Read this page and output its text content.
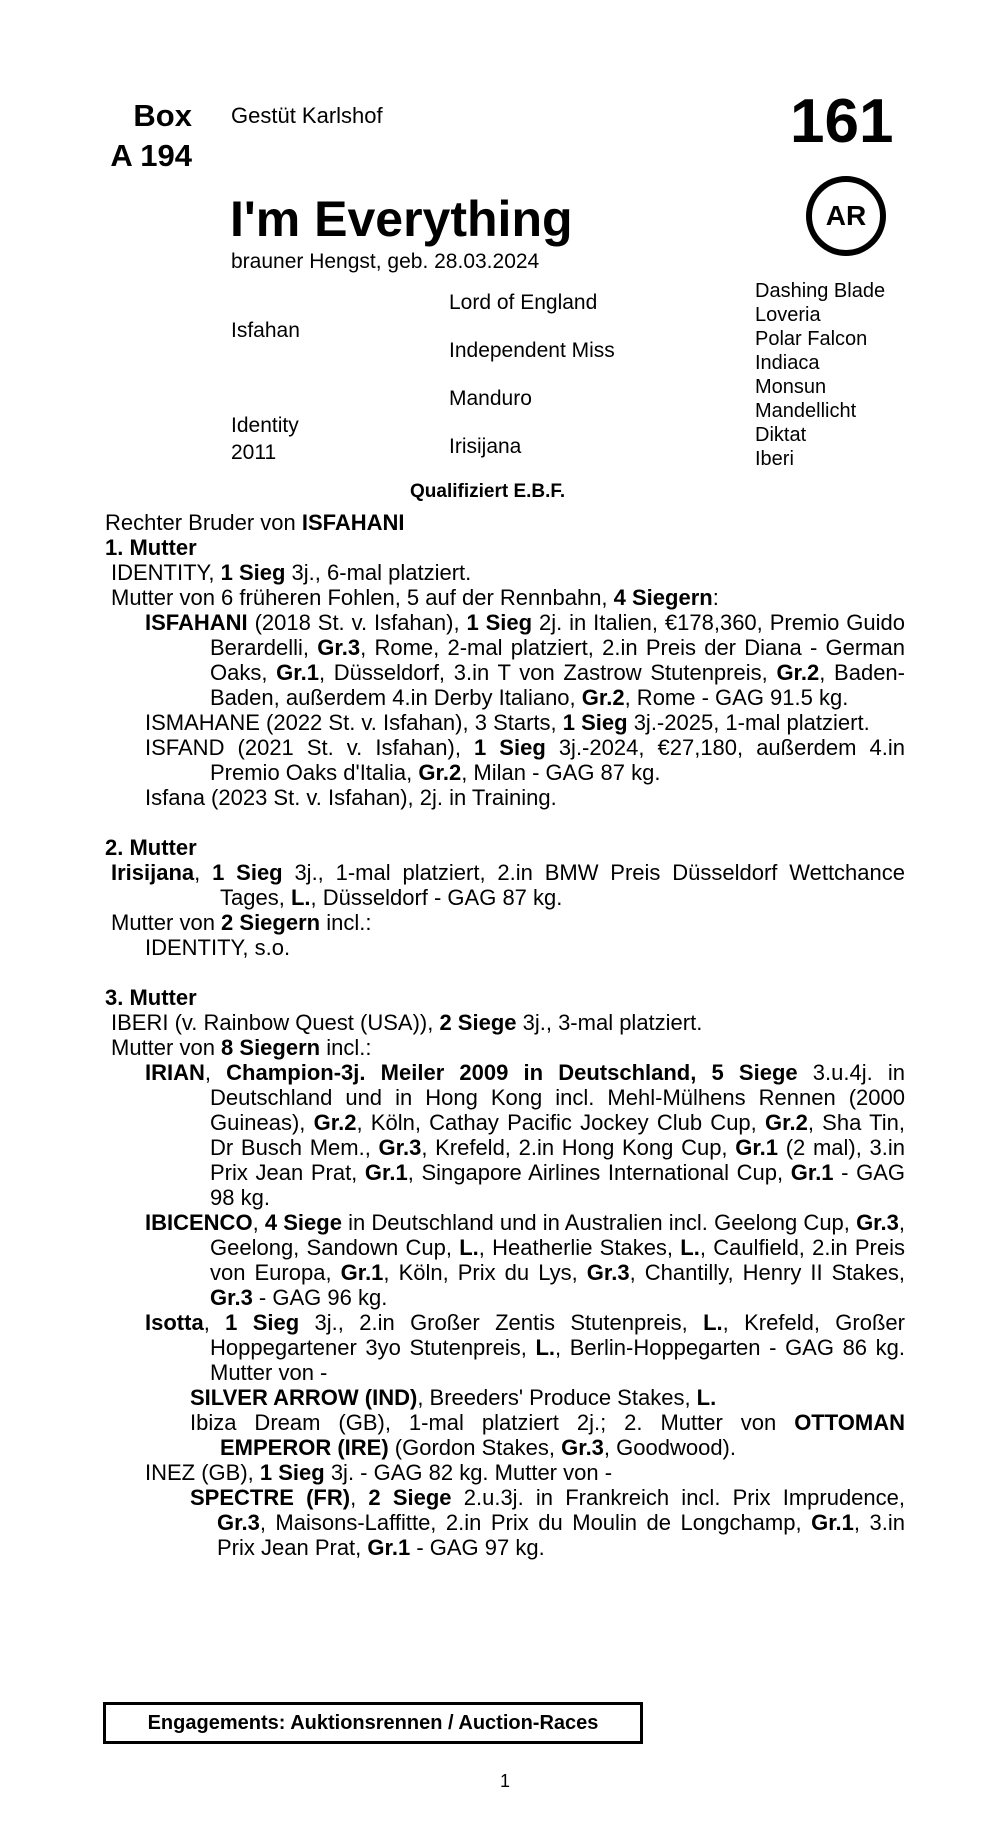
Box
A 194
Gestüt Karlshof	161
AR
I'm Everything
brauner Hengst, geb. 28.03.2024
Isfahan
Identity
2011
Lord of England
Independent Miss
Manduro
Irisijana
Dashing Blade
Loveria
Polar Falcon
Indiaca
Monsun
Mandellicht
Diktat
Iberi
Qualifiziert E.B.F.

Rechter Bruder von ISFAHANI

1. Mutter

IDENTITY, 1 Sieg 3j., 6-mal platziert.

Mutter von 6 früheren Fohlen, 5 auf der Rennbahn, 4 Siegern:

ISFAHANI (2018 St. v. Isfahan), 1 Sieg 2j. in Italien, €178,360, Premio Guido Berardelli, Gr.3, Rome, 2-mal platziert, 2.in Preis der Diana - German Oaks, Gr.1, Düsseldorf, 3.in T von Zastrow Stutenpreis, Gr.2, Baden-Baden, außerdem 4.in Derby Italiano, Gr.2, Rome - GAG 91.5 kg.

ISMAHANE (2022 St. v. Isfahan), 3 Starts, 1 Sieg 3j.-2025, 1-mal platziert.

ISFAND (2021 St. v. Isfahan), 1 Sieg 3j.-2024, €27,180, außerdem 4.in Premio Oaks d'Italia, Gr.2, Milan - GAG 87 kg.

Isfana (2023 St. v. Isfahan), 2j. in Training.

2. Mutter

Irisijana, 1 Sieg 3j., 1-mal platziert, 2.in BMW Preis Düsseldorf Wettchance Tages, L., Düsseldorf - GAG 87 kg.

Mutter von 2 Siegern incl.:

IDENTITY, s.o.

3. Mutter

IBERI (v. Rainbow Quest (USA)), 2 Siege 3j., 3-mal platziert.

Mutter von 8 Siegern incl.:

IRIAN, Champion-3j. Meiler 2009 in Deutschland, 5 Siege 3.u.4j. in Deutschland und in Hong Kong incl. Mehl-Mülhens Rennen (2000 Guineas), Gr.2, Köln, Cathay Pacific Jockey Club Cup, Gr.2, Sha Tin, Dr Busch Mem., Gr.3, Krefeld, 2.in Hong Kong Cup, Gr.1 (2 mal), 3.in Prix Jean Prat, Gr.1, Singapore Airlines International Cup, Gr.1 - GAG 98 kg.

IBICENCO, 4 Siege in Deutschland und in Australien incl. Geelong Cup, Gr.3, Geelong, Sandown Cup, L., Heatherlie Stakes, L., Caulfield, 2.in Preis von Europa, Gr.1, Köln, Prix du Lys, Gr.3, Chantilly, Henry II Stakes, Gr.3 - GAG 96 kg.

Isotta, 1 Sieg 3j., 2.in Großer Zentis Stutenpreis, L., Krefeld, Großer Hoppegartener 3yo Stutenpreis, L., Berlin-Hoppegarten - GAG 86 kg. Mutter von -

SILVER ARROW (IND), Breeders' Produce Stakes, L.

Ibiza Dream (GB), 1-mal platziert 2j.; 2. Mutter von OTTOMAN EMPEROR (IRE) (Gordon Stakes, Gr.3, Goodwood).

INEZ (GB), 1 Sieg 3j. - GAG 82 kg. Mutter von -

SPECTRE (FR), 2 Siege 2.u.3j. in Frankreich incl. Prix Imprudence, Gr.3, Maisons-Laffitte, 2.in Prix du Moulin de Longchamp, Gr.1, 3.in Prix Jean Prat, Gr.1 - GAG 97 kg.

Engagements: Auktionsrennen / Auction-Races
1
